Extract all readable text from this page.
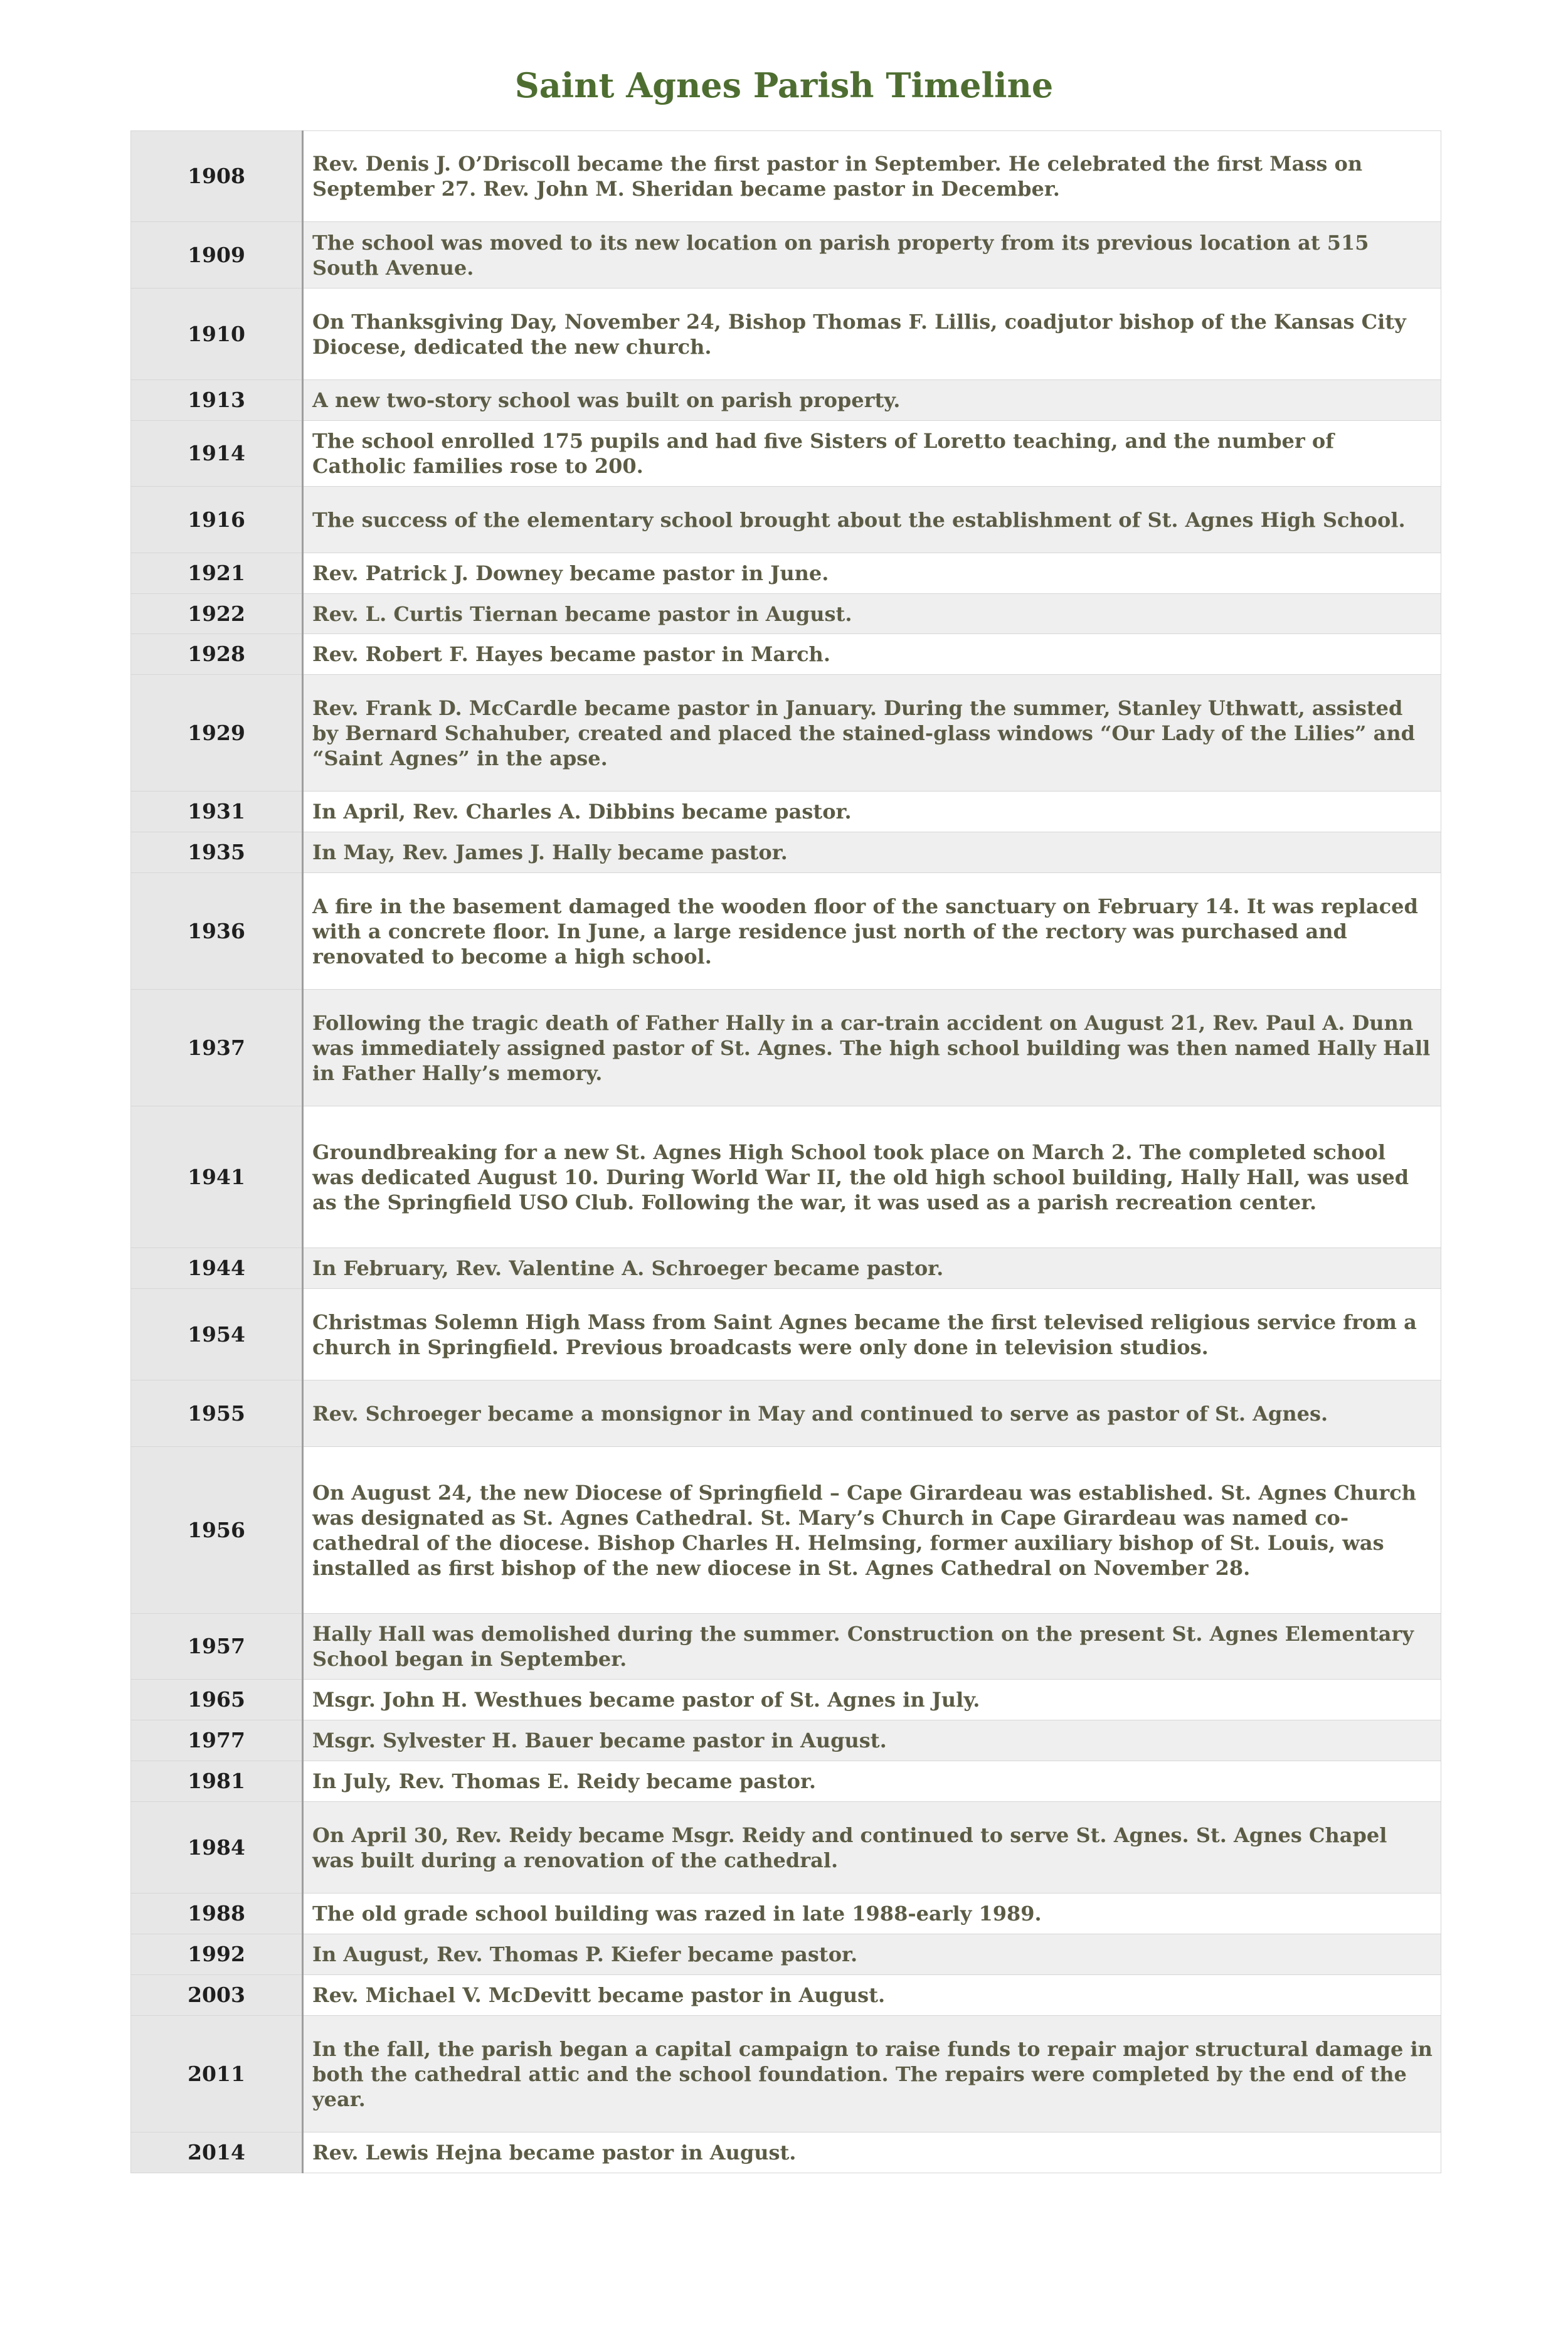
Saint Agnes Parish Timeline
1908	Rev. Denis J. O’Driscoll became the first pastor in September. He celebrated the first Mass on September 27. Rev. John M. Sheridan became pastor in December.
1909	The school was moved to its new location on parish property from its previous location at 515 South Avenue.
1910	On Thanksgiving Day, November 24, Bishop Thomas F. Lillis, coadjutor bishop of the Kansas City Diocese, dedicated the new church.
1913	A new two-story school was built on parish property.
1914	The school enrolled 175 pupils and had five Sisters of Loretto teaching, and the number of Catholic families rose to 200.
1916	The success of the elementary school brought about the establishment of St. Agnes High School.
1921	Rev. Patrick J. Downey became pastor in June.
1922	Rev. L. Curtis Tiernan became pastor in August.
1928	Rev. Robert F. Hayes became pastor in March.
1929	Rev. Frank D. McCardle became pastor in January. During the summer, Stanley Uthwatt, assisted by Bernard Schahuber, created and placed the stained-glass windows “Our Lady of the Lilies” and “Saint Agnes” in the apse.
1931	In April, Rev. Charles A. Dibbins became pastor.
1935	In May, Rev. James J. Hally became pastor.
1936	A fire in the basement damaged the wooden floor of the sanctuary on February 14. It was replaced with a concrete floor. In June, a large residence just north of the rectory was purchased and renovated to become a high school.
1937	Following the tragic death of Father Hally in a car-train accident on August 21, Rev. Paul A. Dunn was immediately assigned pastor of St. Agnes. The high school building was then named Hally Hall in Father Hally’s memory.
1941	Groundbreaking for a new St. Agnes High School took place on March 2. The completed school was dedicated August 10. During World War II, the old high school building, Hally Hall, was used as the Springfield USO Club. Following the war, it was used as a parish recreation center.
1944	In February, Rev. Valentine A. Schroeger became pastor.
1954	Christmas Solemn High Mass from Saint Agnes became the first televised religious service from a church in Springfield. Previous broadcasts were only done in television studios.
1955	Rev. Schroeger became a monsignor in May and continued to serve as pastor of St. Agnes.
1956	On August 24, the new Diocese of Springfield – Cape Girardeau was established. St. Agnes Church was designated as St. Agnes Cathedral. St. Mary’s Church in Cape Girardeau was named co-cathedral of the diocese. Bishop Charles H. Helmsing, former auxiliary bishop of St. Louis, was installed as first bishop of the new diocese in St. Agnes Cathedral on November 28.
1957	Hally Hall was demolished during the summer. Construction on the present St. Agnes Elementary School began in September.
1965	Msgr. John H. Westhues became pastor of St. Agnes in July.
1977	Msgr. Sylvester H. Bauer became pastor in August.
1981	In July, Rev. Thomas E. Reidy became pastor.
1984	On April 30, Rev. Reidy became Msgr. Reidy and continued to serve St. Agnes. St. Agnes Chapel was built during a renovation of the cathedral.
1988	The old grade school building was razed in late 1988-early 1989.
1992	In August, Rev. Thomas P. Kiefer became pastor.
2003	Rev. Michael V. McDevitt became pastor in August.
2011	In the fall, the parish began a capital campaign to raise funds to repair major structural damage in both the cathedral attic and the school foundation. The repairs were completed by the end of the year.
2014	Rev. Lewis Hejna became pastor in August.
